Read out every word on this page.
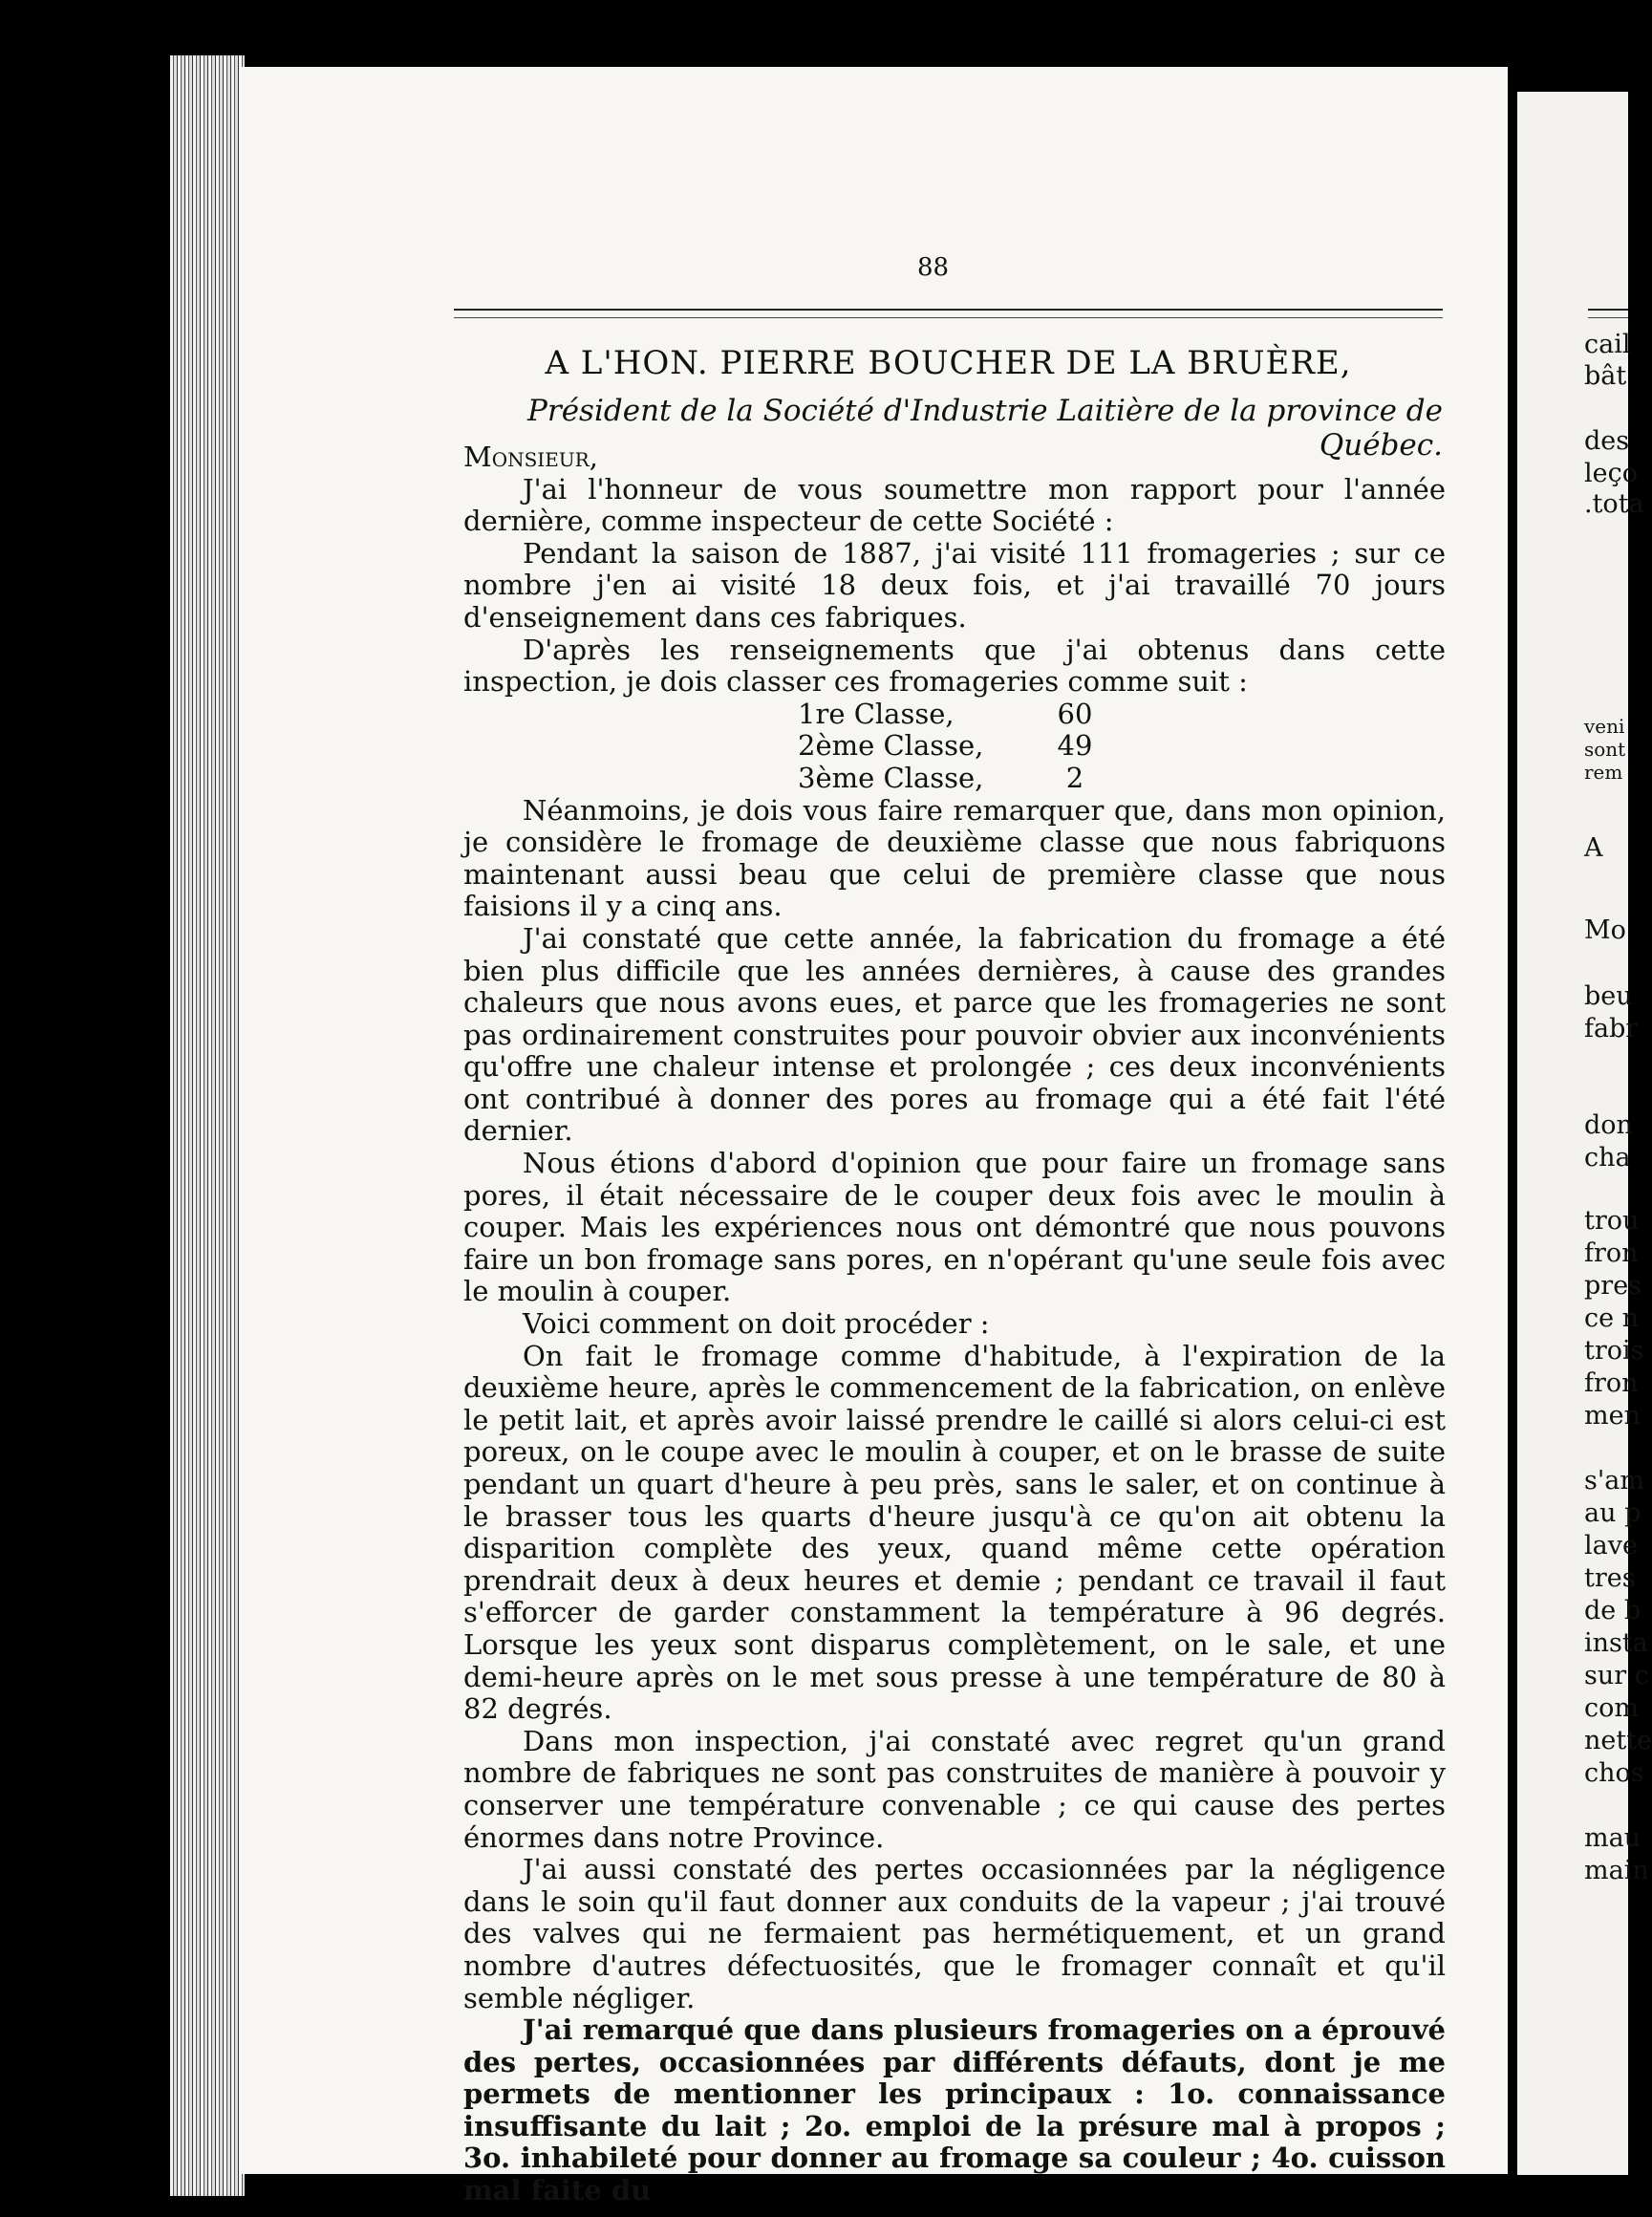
88
A L'HON. PIERRE BOUCHER DE LA BRUÈRE,
Président de la Société d'Industrie Laitière de la province de Québec.

Monsieur,

J'ai l'honneur de vous soumettre mon rapport pour l'année dernière, comme inspecteur de cette Société :

Pendant la saison de 1887, j'ai visité 111 fromageries ; sur ce nombre j'en ai visité 18 deux fois, et j'ai travaillé 70 jours d'enseignement dans ces fabriques.

D'après les renseignements que j'ai obtenus dans cette inspection, je dois classer ces fromageries comme suit :

1re Classe,	60
2ème Classe,	49
3ème Classe,	2

Néanmoins, je dois vous faire remarquer que, dans mon opinion, je considère le fromage de deuxième classe que nous fabriquons maintenant aussi beau que celui de première classe que nous faisions il y a cinq ans.

J'ai constaté que cette année, la fabrication du fromage a été bien plus difficile que les années dernières, à cause des grandes chaleurs que nous avons eues, et parce que les fromageries ne sont pas ordinairement construites pour pouvoir obvier aux inconvénients qu'offre une chaleur intense et prolongée ; ces deux inconvénients ont contribué à donner des pores au fromage qui a été fait l'été dernier.

Nous étions d'abord d'opinion que pour faire un fromage sans pores, il était nécessaire de le couper deux fois avec le moulin à couper. Mais les expériences nous ont démontré que nous pouvons faire un bon fromage sans pores, en n'opérant qu'une seule fois avec le moulin à couper.

Voici comment on doit procéder :

On fait le fromage comme d'habitude, à l'expiration de la deuxième heure, après le commencement de la fabrication, on enlève le petit lait, et après avoir laissé prendre le caillé si alors celui-ci est poreux, on le coupe avec le moulin à couper, et on le brasse de suite pendant un quart d'heure à peu près, sans le saler, et on continue à le brasser tous les quarts d'heure jusqu'à ce qu'on ait obtenu la disparition complète des yeux, quand même cette opération prendrait deux à deux heures et demie ; pendant ce travail il faut s'efforcer de garder constamment la température à 96 degrés. Lorsque les yeux sont disparus complètement, on le sale, et une demi-heure après on le met sous presse à une température de 80 à 82 degrés.

Dans mon inspection, j'ai constaté avec regret qu'un grand nombre de fabriques ne sont pas construites de manière à pouvoir y conserver une température convenable ; ce qui cause des pertes énormes dans notre Province.

J'ai aussi constaté des pertes occasionnées par la négligence dans le soin qu'il faut donner aux conduits de la vapeur ; j'ai trouvé des valves qui ne fermaient pas hermétiquement, et un grand nombre d'autres défectuosités, que le fromager connaît et qu'il semble négliger.

J'ai remarqué que dans plusieurs fromageries on a éprouvé des pertes, occasionnées par différents défauts, dont je me permets de mentionner les principaux : 1o. connaissance insuffisante du lait ; 2o. emploi de la présure mal à propos ; 3o. inhabileté pour donner au fromage sa couleur ; 4o. cuisson mal faite du

cail
bât
des
leço
.tota
veni
sont
rem
A
Mo
beu
fabr
don
cha
trou
fron
pres
ce n
trois
fron
men
s'am
au p
lave
tres
de b
insta
sur c
com
nette
chos
mau
main
